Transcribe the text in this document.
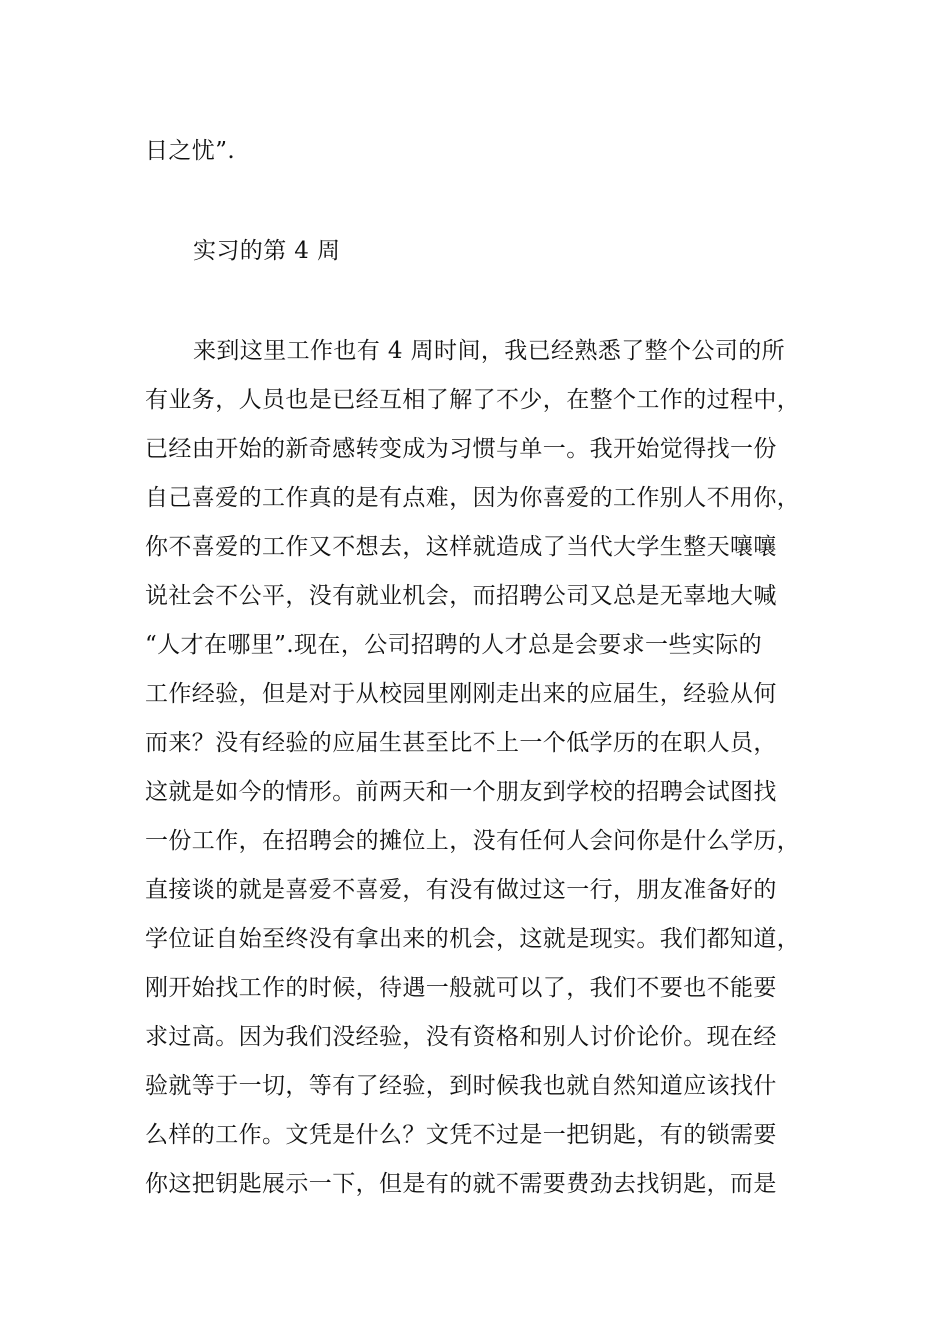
日之忧”.

实习的第 4 周

来到这里工作也有 4 周时间，我已经熟悉了整个公司的所

有业务，人员也是已经互相了解了不少，在整个工作的过程中，

已经由开始的新奇感转变成为习惯与单一。我开始觉得找一份

自己喜爱的工作真的是有点难，因为你喜爱的工作别人不用你，

你不喜爱的工作又不想去，这样就造成了当代大学生整天嚷嚷

说社会不公平，没有就业机会，而招聘公司又总是无辜地大喊

“人才在哪里”.现在，公司招聘的人才总是会要求一些实际的

工作经验，但是对于从校园里刚刚走出来的应届生，经验从何

而来？没有经验的应届生甚至比不上一个低学历的在职人员，

这就是如今的情形。前两天和一个朋友到学校的招聘会试图找

一份工作，在招聘会的摊位上，没有任何人会问你是什么学历，

直接谈的就是喜爱不喜爱，有没有做过这一行，朋友准备好的

学位证自始至终没有拿出来的机会，这就是现实。我们都知道，

刚开始找工作的时候，待遇一般就可以了，我们不要也不能要

求过高。因为我们没经验，没有资格和别人讨价论价。现在经

验就等于一切，等有了经验，到时候我也就自然知道应该找什

么样的工作。文凭是什么？文凭不过是一把钥匙，有的锁需要

你这把钥匙展示一下，但是有的就不需要费劲去找钥匙，而是
